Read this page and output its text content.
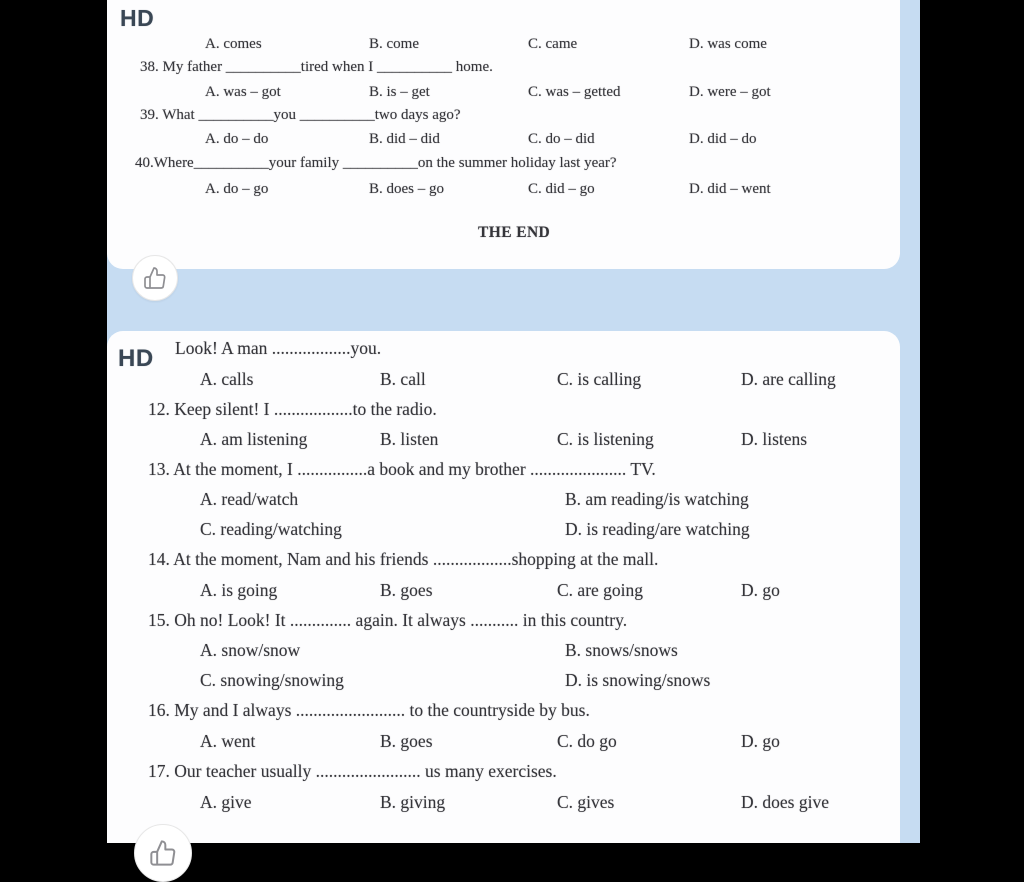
HD
A. comes	B. come	C. came	D. was come
38. My father __________tired when I __________ home.
A. was – got	B. is – get	C. was – getted	D. were – got
39. What __________you __________two days ago?
A. do – do	B. did – did	C. do – did	D. did – do
40.Where__________your family __________on the summer holiday last year?
A. do – go	B. does – go	C. did – go	D. did – went
THE END
HD Look! A man ..................you.
A. calls	B. call	C. is calling	D. are calling
12. Keep silent! I ..................to the radio.
A. am listening	B. listen	C. is listening	D. listens
13. At the moment, I ................a book and my brother ...................... TV.
A. read/watch	B. am reading/is watching
C. reading/watching	D. is reading/are watching
14. At the moment, Nam and his friends ..................shopping at the mall.
A. is going	B. goes	C. are going	D. go
15. Oh no! Look! It .............. again. It always ........... in this country.
A. snow/snow	B. snows/snows
C. snowing/snowing	D. is snowing/snows
16. My and I always ......................... to the countryside by bus.
A. went	B. goes	C. do go	D. go
17. Our teacher usually ........................ us many exercises.
A. give	B. giving	C. gives	D. does give
